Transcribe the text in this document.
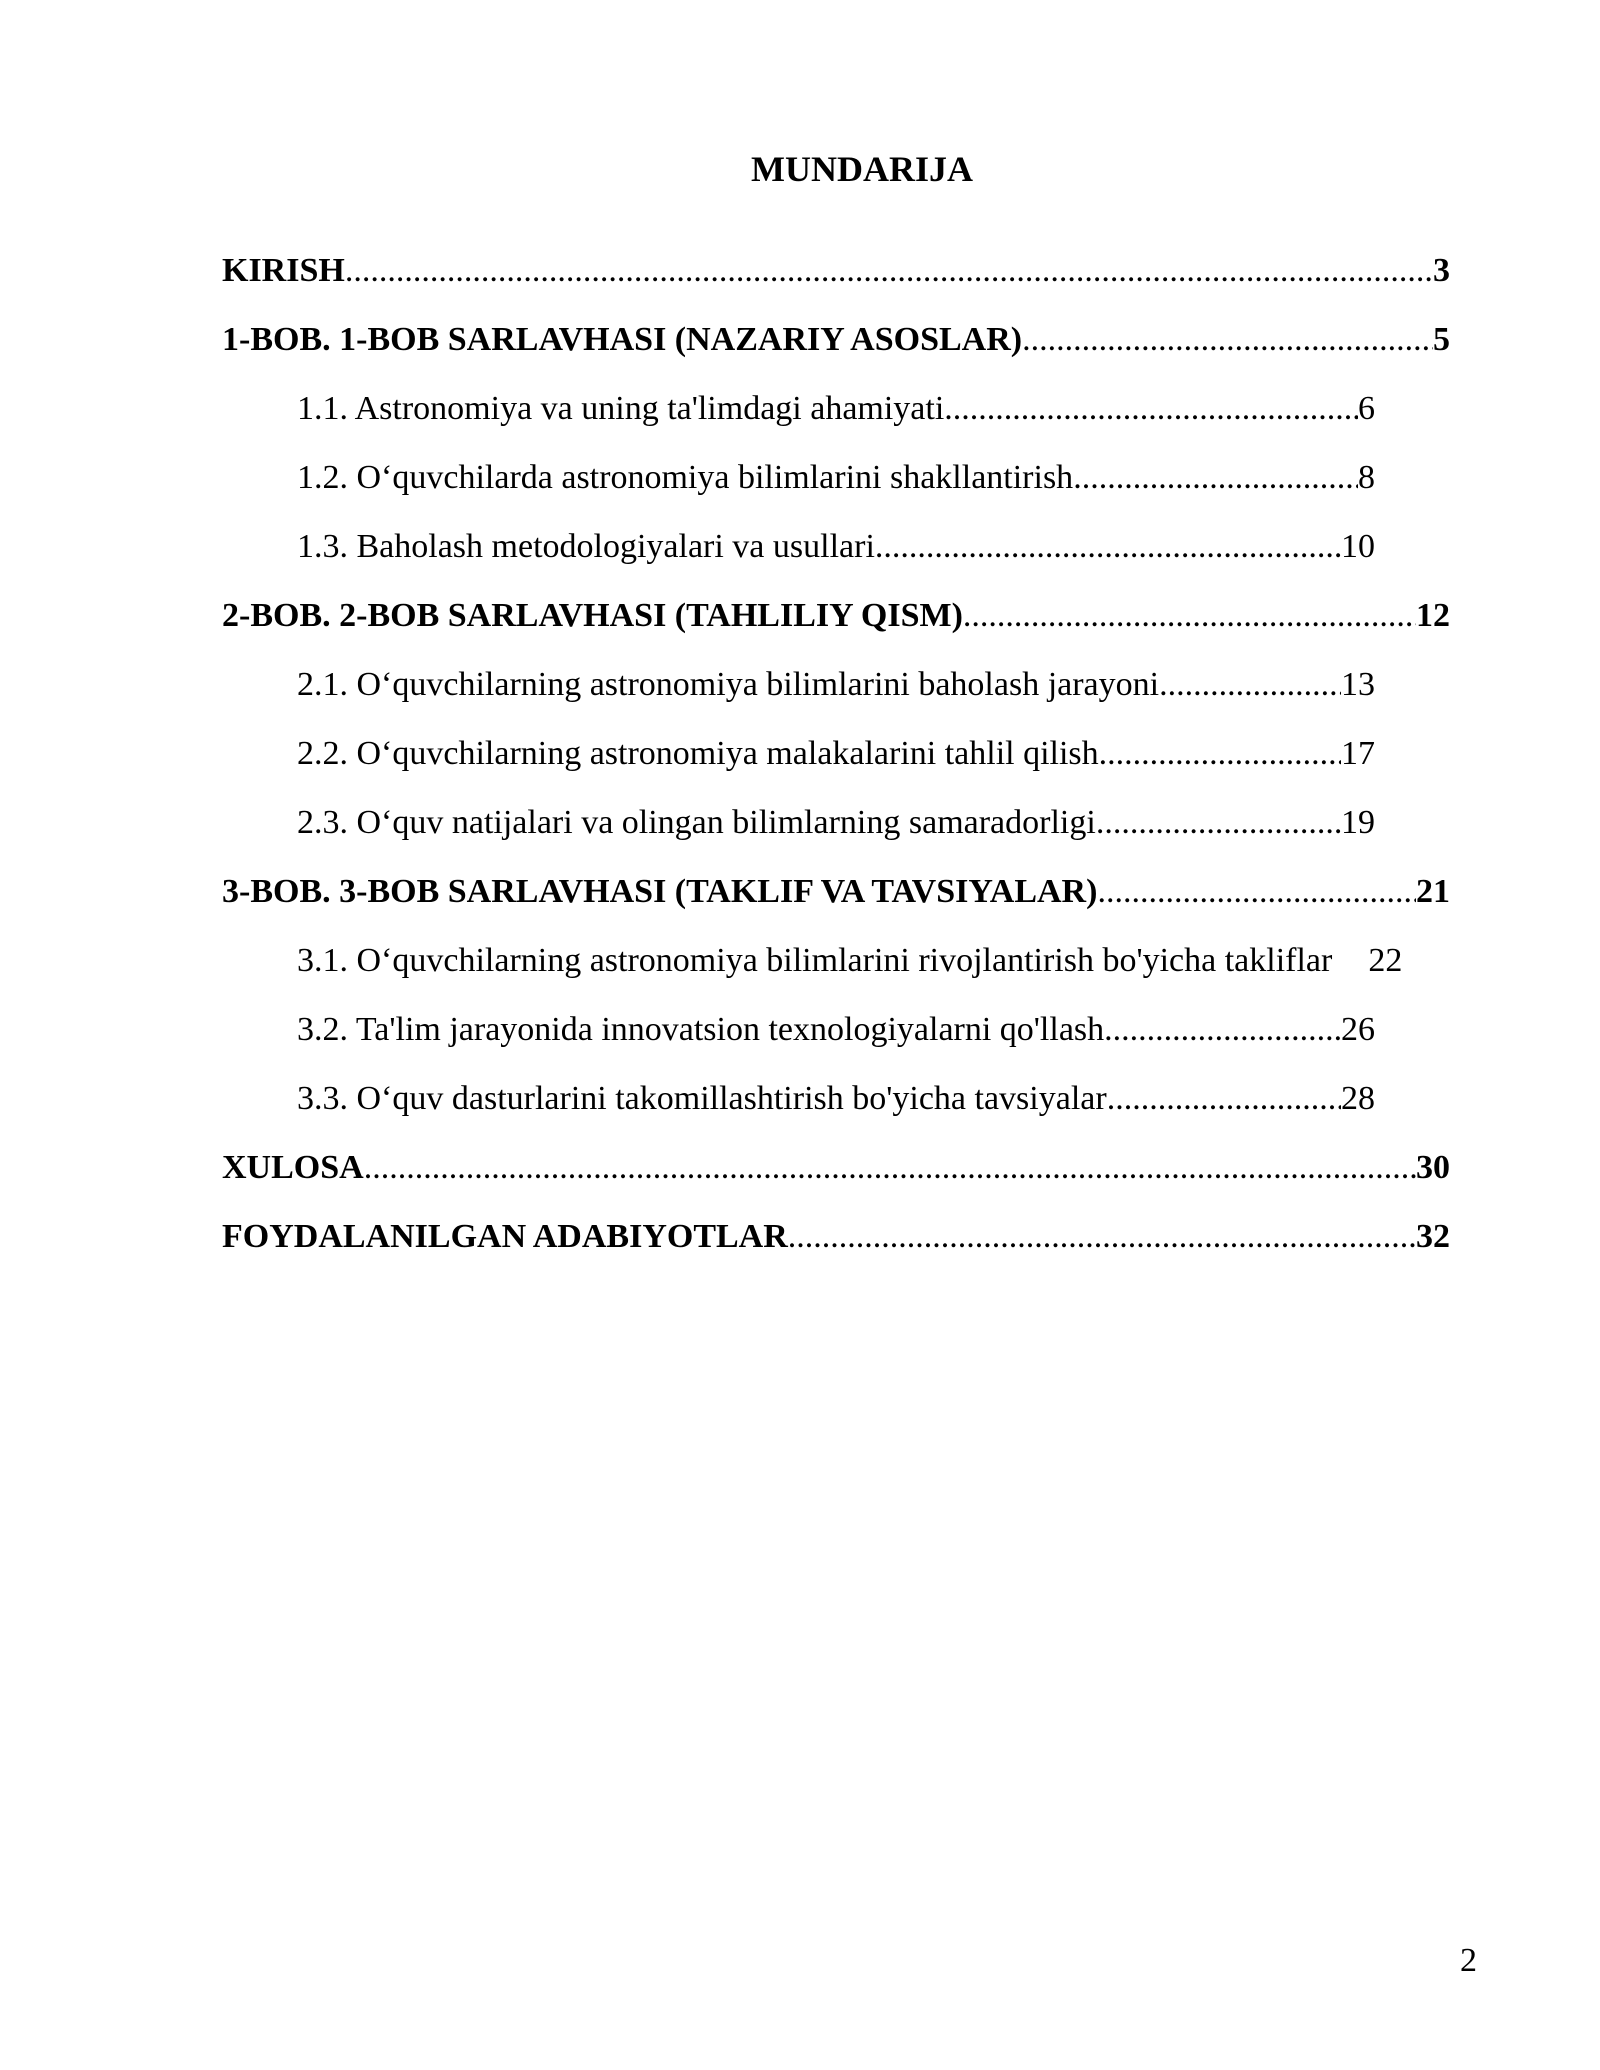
MUNDARIJA
KIRISH .....	3
1-BOB. 1-BOB SARLAVHASI (NAZARIY ASOSLAR) .....	5
1.1. Astronomiya va uning ta'limdagi ahamiyati .....	6
1.2. O‘quvchilarda astronomiya bilimlarini shakllantirish .....	8
1.3. Baholash metodologiyalari va usullari .....	10
2-BOB. 2-BOB SARLAVHASI (TAHLILIY QISM) .....	12
2.1. O‘quvchilarning astronomiya bilimlarini baholash jarayoni .....	13
2.2. O‘quvchilarning astronomiya malakalarini tahlil qilish .....	17
2.3. O‘quv natijalari va olingan bilimlarning samaradorligi .....	19
3-BOB. 3-BOB SARLAVHASI (TAKLIF VA TAVSIYALAR) .....	21
3.1. O‘quvchilarning astronomiya bilimlarini rivojlantirish bo'yicha takliflar 22
3.2. Ta'lim jarayonida innovatsion texnologiyalarni qo'llash .....	26
3.3. O‘quv dasturlarini takomillashtirish bo'yicha tavsiyalar .....	28
XULOSA .....	30
FOYDALANILGAN ADABIYOTLAR .....	32
2
